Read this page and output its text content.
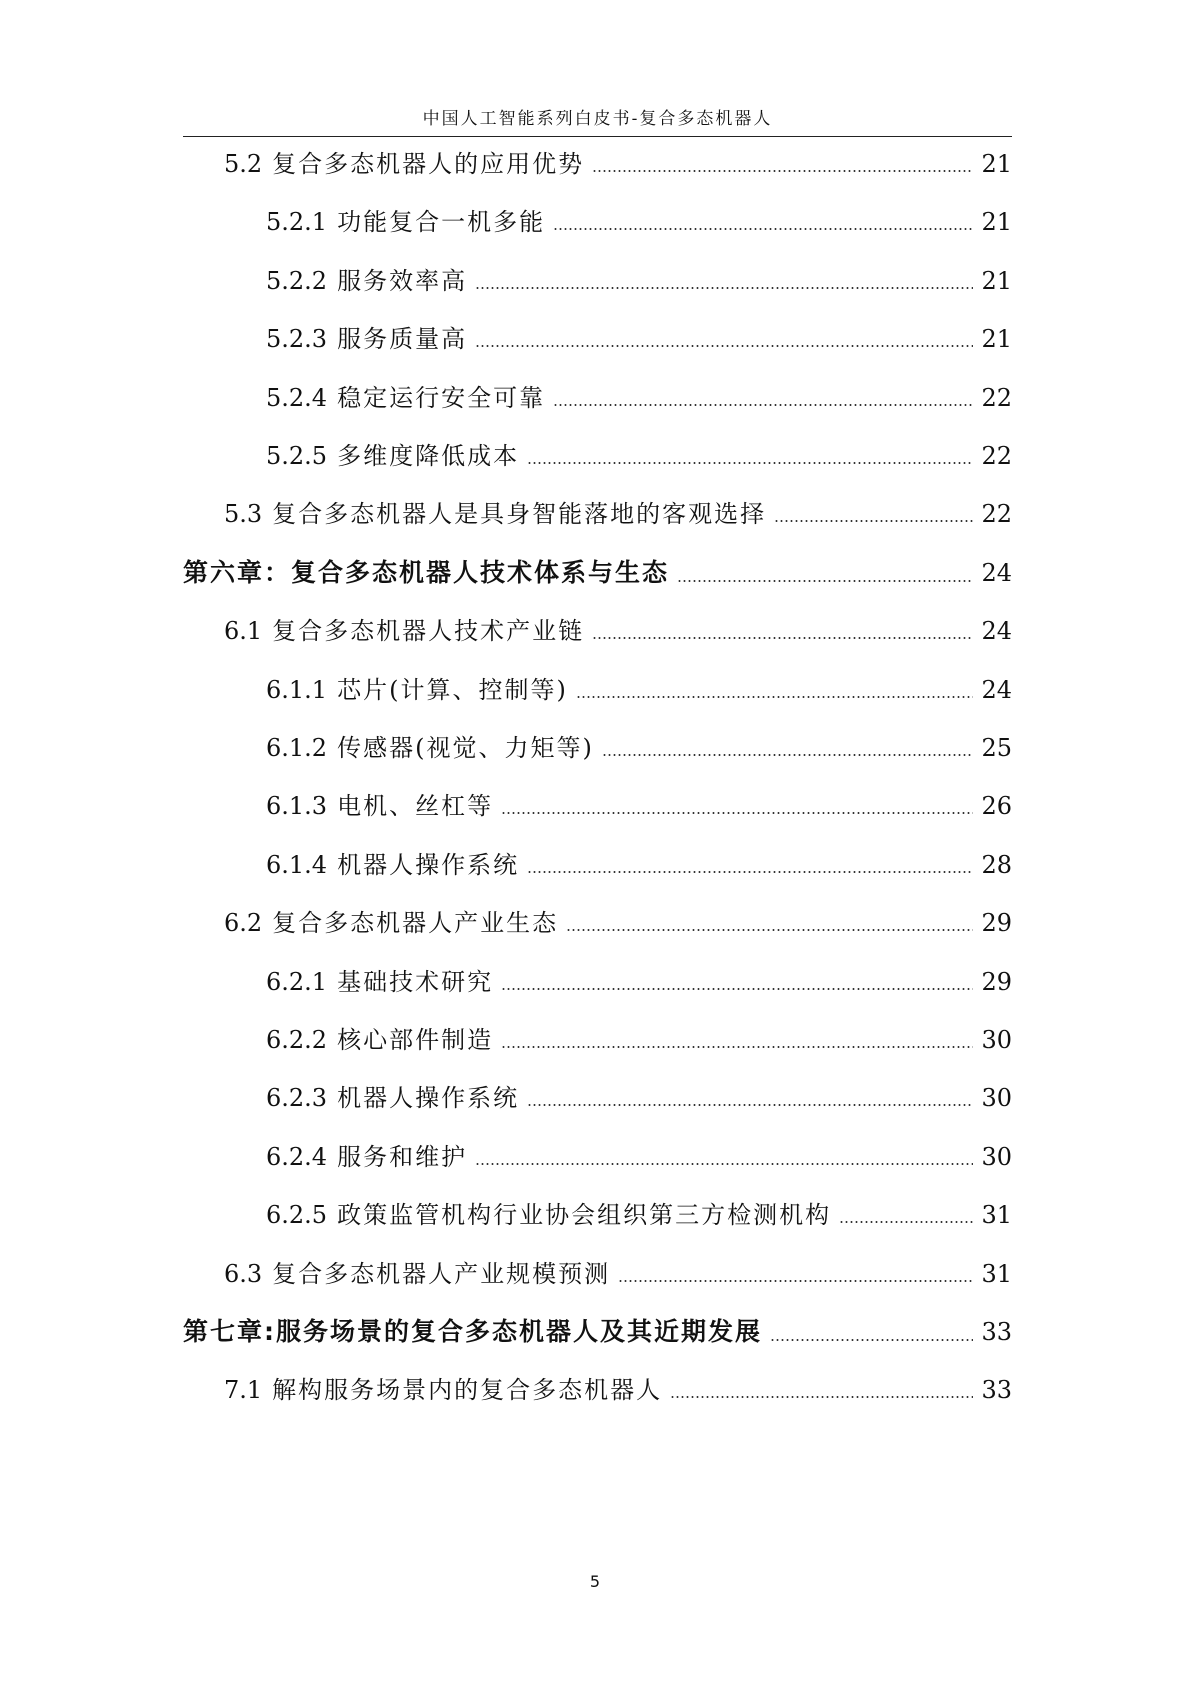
中国人工智能系列白皮书-复合多态机器人
5.2 复合多态机器人的应用优势	21
5.2.1 功能复合一机多能	21
5.2.2 服务效率高	21
5.2.3 服务质量高	21
5.2.4 稳定运行安全可靠	22
5.2.5 多维度降低成本	22
5.3 复合多态机器人是具身智能落地的客观选择	22
第六章：复合多态机器人技术体系与生态	24
6.1 复合多态机器人技术产业链	24
6.1.1 芯片(计算、控制等)	24
6.1.2 传感器(视觉、力矩等)	25
6.1.3 电机、丝杠等	26
6.1.4 机器人操作系统	28
6.2 复合多态机器人产业生态	29
6.2.1 基础技术研究	29
6.2.2 核心部件制造	30
6.2.3 机器人操作系统	30
6.2.4 服务和维护	30
6.2.5 政策监管机构行业协会组织第三方检测机构	31
6.3 复合多态机器人产业规模预测	31
第七章:服务场景的复合多态机器人及其近期发展	33
7.1 解构服务场景内的复合多态机器人	33
5
